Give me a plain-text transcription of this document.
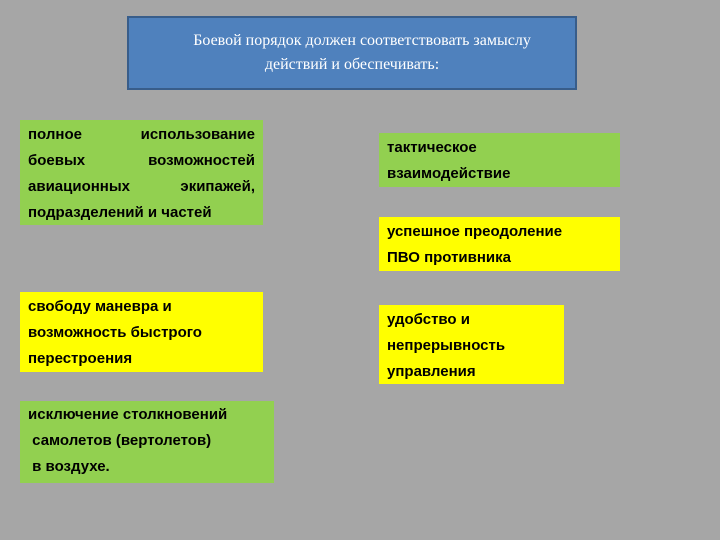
Боевой порядок должен соответствовать замыслу
действий и обеспечивать:
полное использование
боевых возможностей
авиационных экипажей,
подразделений и частей
тактическое
взаимодействие
успешное преодоление
ПВО противника
свободу маневра и
возможность быстрого
перестроения
удобство и
непрерывность
управления
исключение столкновений
самолетов (вертолетов)
в воздухе.
